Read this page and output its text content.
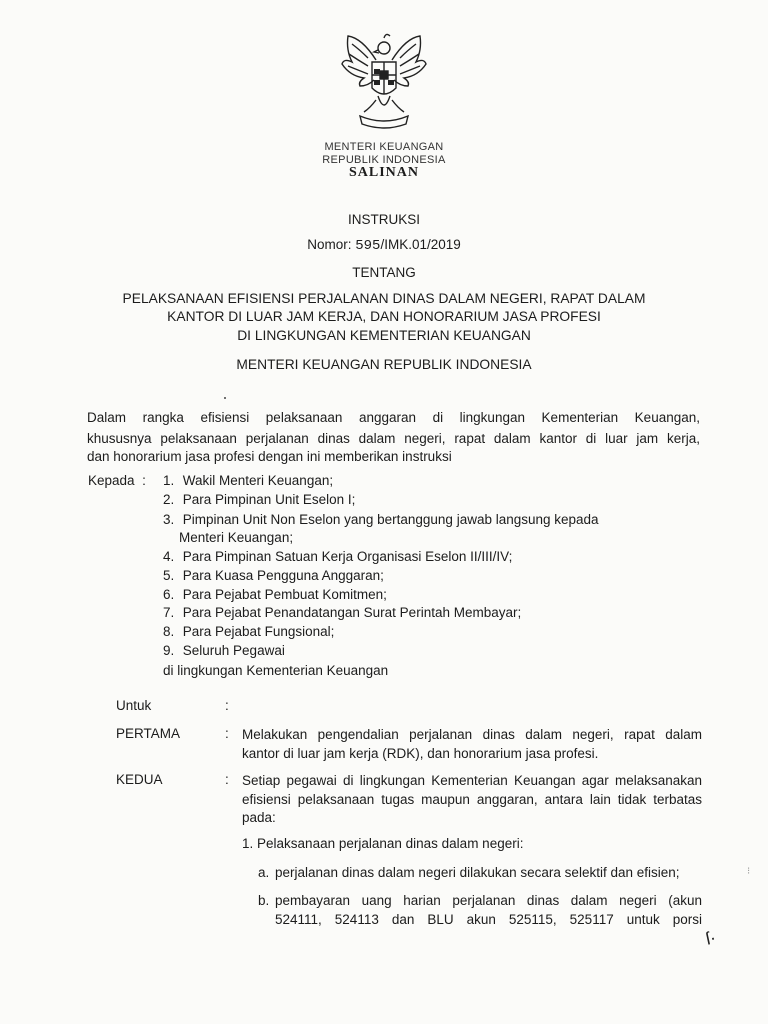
MENTERI KEUANGAN
REPUBLIK INDONESIA
SALINAN
INSTRUKSI
Nomor: 595/IMK.01/2019
TENTANG
PELAKSANAAN EFISIENSI PERJALANAN DINAS DALAM NEGERI, RAPAT DALAM
KANTOR DI LUAR JAM KERJA, DAN HONORARIUM JASA PROFESI
DI LINGKUNGAN KEMENTERIAN KEUANGAN
MENTERI KEUANGAN REPUBLIK INDONESIA
Dalam rangka efisiensi pelaksanaan anggaran di lingkungan Kementerian Keuangan,
khususnya pelaksanaan perjalanan dinas dalam negeri, rapat dalam kantor di luar jam kerja,
dan honorarium jasa profesi dengan ini memberikan instruksi
Kepada : 1. Wakil Menteri Keuangan;
2. Para Pimpinan Unit Eselon I;
3. Pimpinan Unit Non Eselon yang bertanggung jawab langsung kepada
Menteri Keuangan;
4. Para Pimpinan Satuan Kerja Organisasi Eselon II/III/IV;
5. Para Kuasa Pengguna Anggaran;
6. Para Pejabat Pembuat Komitmen;
7. Para Pejabat Penandatangan Surat Perintah Membayar;
8. Para Pejabat Fungsional;
9. Seluruh Pegawai
di lingkungan Kementerian Keuangan
Untuk	:
PERTAMA	: Melakukan pengendalian perjalanan dinas dalam negeri, rapat dalam
kantor di luar jam kerja (RDK), dan honorarium jasa profesi.
KEDUA	: Setiap pegawai di lingkungan Kementerian Keuangan agar melaksanakan
efisiensi pelaksanaan tugas maupun anggaran, antara lain tidak terbatas
pada:
1. Pelaksanaan perjalanan dinas dalam negeri:
a. perjalanan dinas dalam negeri dilakukan secara selektif dan efisien;
b. pembayaran uang harian perjalanan dinas dalam negeri (akun
524111, 524113 dan BLU akun 525115, 525117 untuk porsi
ſ·
⁝
